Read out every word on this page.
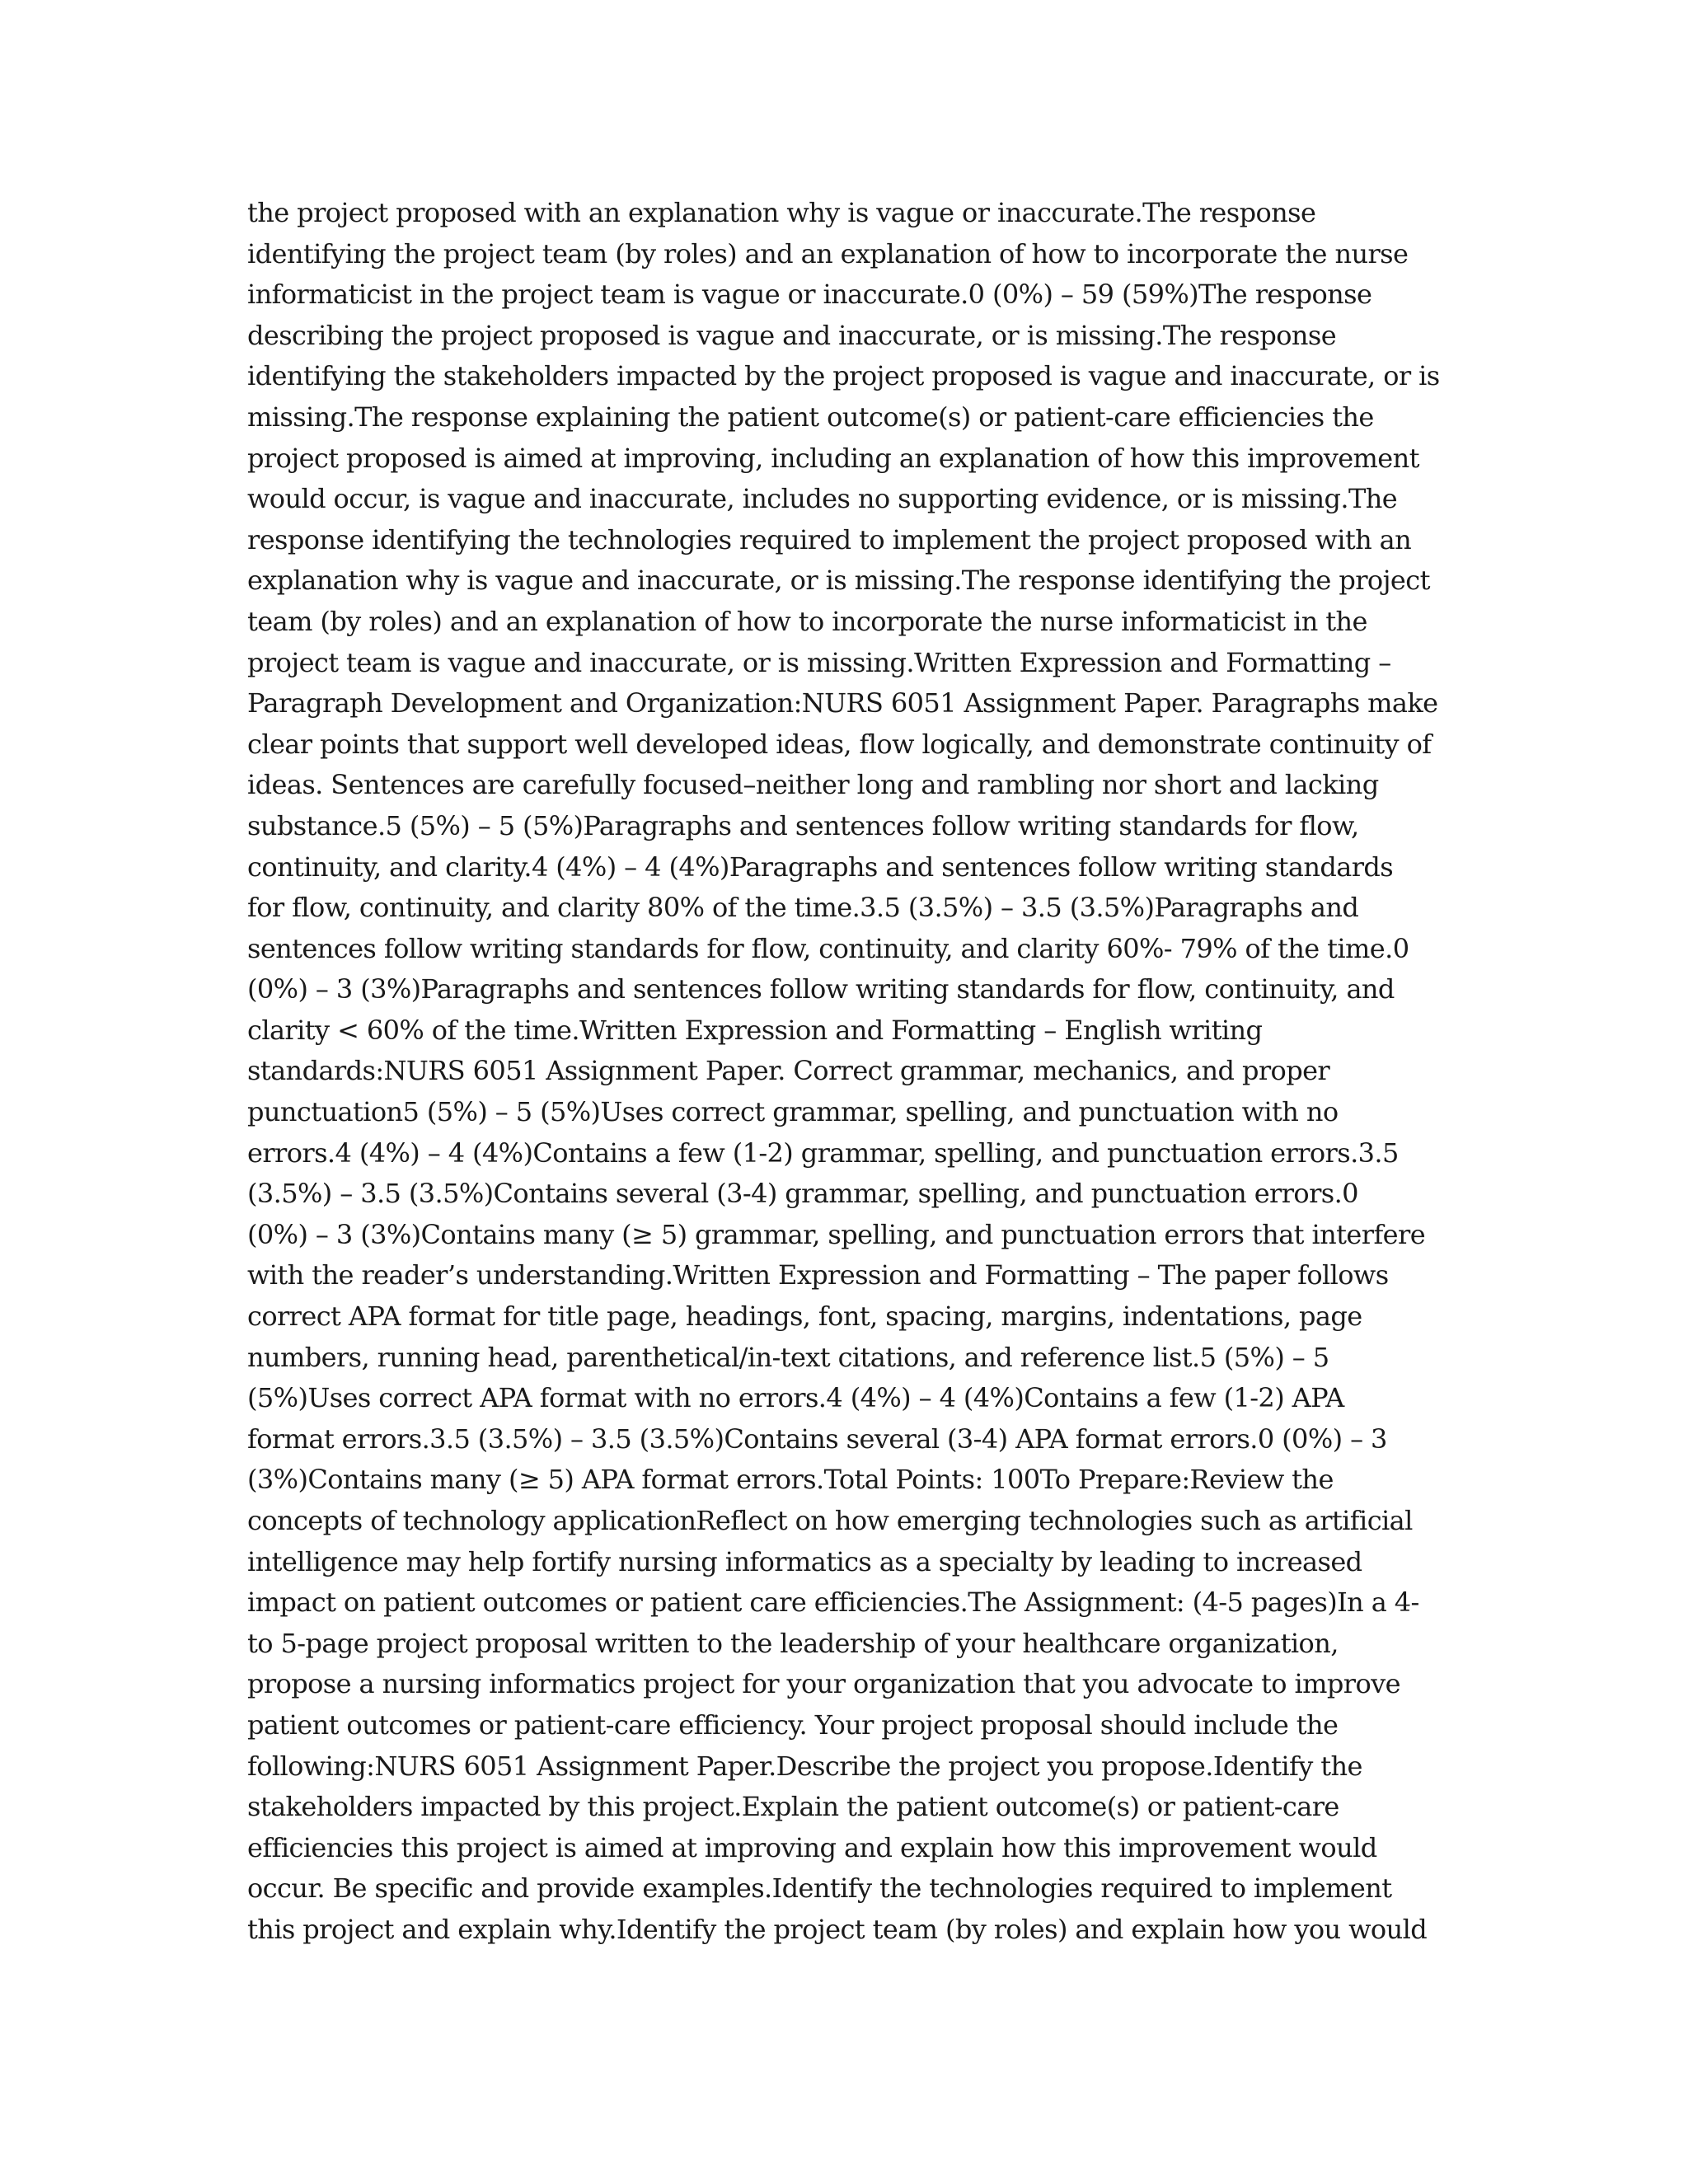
the project proposed with an explanation why is vague or inaccurate.The response
identifying the project team (by roles) and an explanation of how to incorporate the nurse
informaticist in the project team is vague or inaccurate.0 (0%) – 59 (59%)The response
describing the project proposed is vague and inaccurate, or is missing.The response
identifying the stakeholders impacted by the project proposed is vague and inaccurate, or is
missing.The response explaining the patient outcome(s) or patient-care efficiencies the
project proposed is aimed at improving, including an explanation of how this improvement
would occur, is vague and inaccurate, includes no supporting evidence, or is missing.The
response identifying the technologies required to implement the project proposed with an
explanation why is vague and inaccurate, or is missing.The response identifying the project
team (by roles) and an explanation of how to incorporate the nurse informaticist in the
project team is vague and inaccurate, or is missing.Written Expression and Formatting –
Paragraph Development and Organization:NURS 6051 Assignment Paper. Paragraphs make
clear points that support well developed ideas, flow logically, and demonstrate continuity of
ideas. Sentences are carefully focused–neither long and rambling nor short and lacking
substance.5 (5%) – 5 (5%)Paragraphs and sentences follow writing standards for flow,
continuity, and clarity.4 (4%) – 4 (4%)Paragraphs and sentences follow writing standards
for flow, continuity, and clarity 80% of the time.3.5 (3.5%) – 3.5 (3.5%)Paragraphs and
sentences follow writing standards for flow, continuity, and clarity 60%- 79% of the time.0
(0%) – 3 (3%)Paragraphs and sentences follow writing standards for flow, continuity, and
clarity < 60% of the time.Written Expression and Formatting – English writing
standards:NURS 6051 Assignment Paper. Correct grammar, mechanics, and proper
punctuation5 (5%) – 5 (5%)Uses correct grammar, spelling, and punctuation with no
errors.4 (4%) – 4 (4%)Contains a few (1-2) grammar, spelling, and punctuation errors.3.5
(3.5%) – 3.5 (3.5%)Contains several (3-4) grammar, spelling, and punctuation errors.0
(0%) – 3 (3%)Contains many (≥ 5) grammar, spelling, and punctuation errors that interfere
with the reader’s understanding.Written Expression and Formatting – The paper follows
correct APA format for title page, headings, font, spacing, margins, indentations, page
numbers, running head, parenthetical/in-text citations, and reference list.5 (5%) – 5
(5%)Uses correct APA format with no errors.4 (4%) – 4 (4%)Contains a few (1-2) APA
format errors.3.5 (3.5%) – 3.5 (3.5%)Contains several (3-4) APA format errors.0 (0%) – 3
(3%)Contains many (≥ 5) APA format errors.Total Points: 100To Prepare:Review the
concepts of technology applicationReflect on how emerging technologies such as artificial
intelligence may help fortify nursing informatics as a specialty by leading to increased
impact on patient outcomes or patient care efficiencies.The Assignment: (4-5 pages)In a 4-
to 5-page project proposal written to the leadership of your healthcare organization,
propose a nursing informatics project for your organization that you advocate to improve
patient outcomes or patient-care efficiency. Your project proposal should include the
following:NURS 6051 Assignment Paper.Describe the project you propose.Identify the
stakeholders impacted by this project.Explain the patient outcome(s) or patient-care
efficiencies this project is aimed at improving and explain how this improvement would
occur. Be specific and provide examples.Identify the technologies required to implement
this project and explain why.Identify the project team (by roles) and explain how you would
